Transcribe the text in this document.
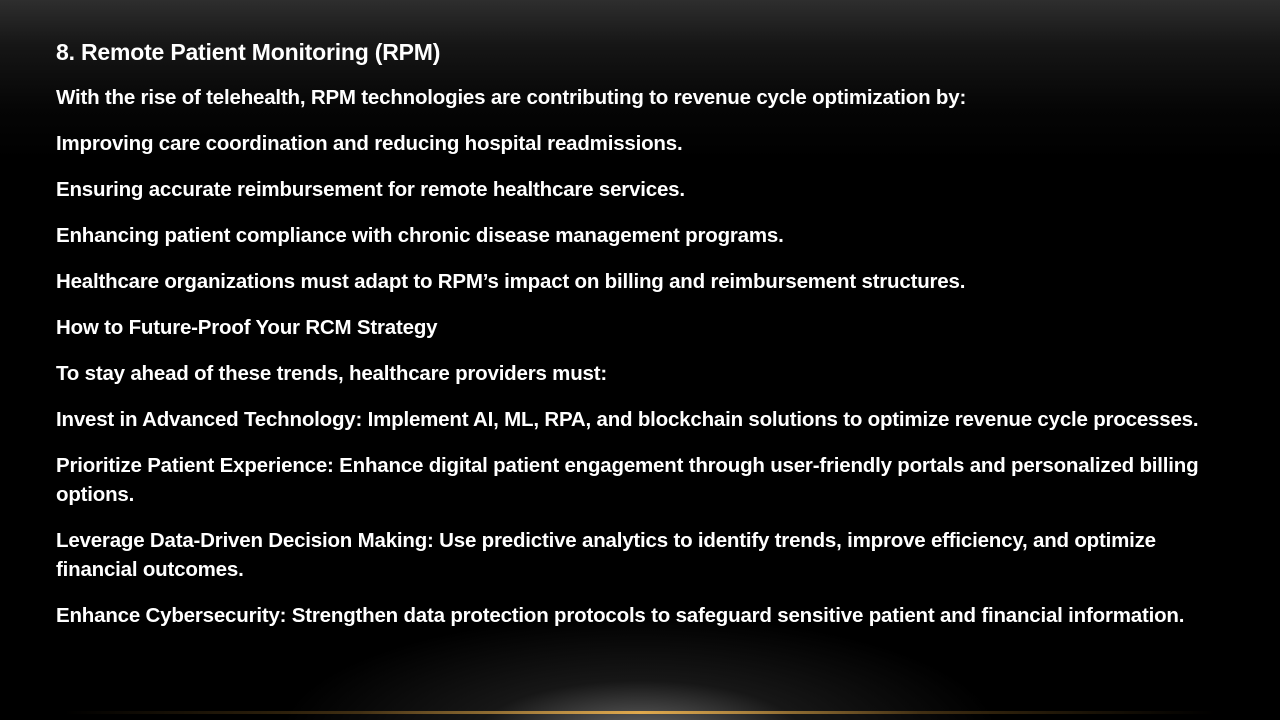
8. Remote Patient Monitoring (RPM)
With the rise of telehealth, RPM technologies are contributing to revenue cycle optimization by:
Improving care coordination and reducing hospital readmissions.
Ensuring accurate reimbursement for remote healthcare services.
Enhancing patient compliance with chronic disease management programs.
Healthcare organizations must adapt to RPM’s impact on billing and reimbursement structures.
How to Future-Proof Your RCM Strategy
To stay ahead of these trends, healthcare providers must:
Invest in Advanced Technology: Implement AI, ML, RPA, and blockchain solutions to optimize revenue cycle processes.
Prioritize Patient Experience: Enhance digital patient engagement through user-friendly portals and personalized billing options.
Leverage Data-Driven Decision Making: Use predictive analytics to identify trends, improve efficiency, and optimize financial outcomes.
Enhance Cybersecurity: Strengthen data protection protocols to safeguard sensitive patient and financial information.
